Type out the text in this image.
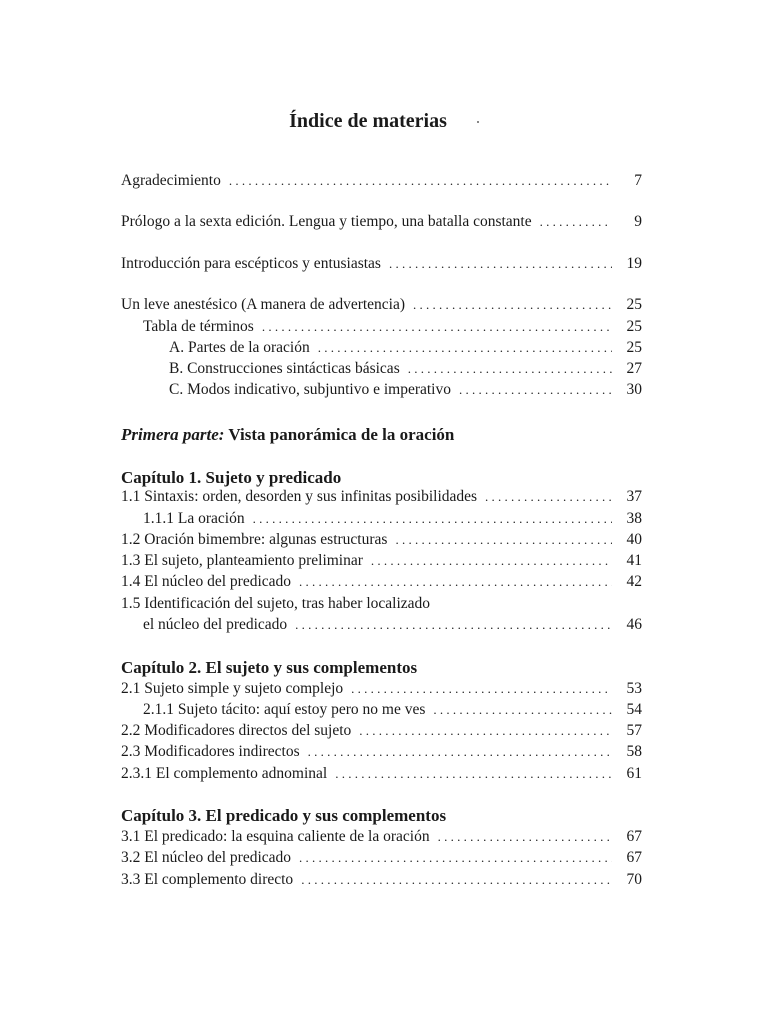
Índice de materias
Agradecimiento . . .	7
Prólogo a la sexta edición. Lengua y tiempo, una batalla constante . . .	9
Introducción para escépticos y entusiastas . . .	19
Un leve anestésico (A manera de advertencia) . . .	25
Tabla de términos . . .	25
A. Partes de la oración . . .	25
B. Construcciones sintácticas básicas . . .	27
C. Modos indicativo, subjuntivo e imperativo . . .	30
Primera parte: Vista panorámica de la oración
Capítulo 1. Sujeto y predicado
1.1 Sintaxis: orden, desorden y sus infinitas posibilidades . . .	37
1.1.1 La oración . . .	38
1.2 Oración bimembre: algunas estructuras . . .	40
1.3 El sujeto, planteamiento preliminar . . .	41
1.4 El núcleo del predicado . . .	42
1.5 Identificación del sujeto, tras haber localizado
el núcleo del predicado . . .	46
Capítulo 2. El sujeto y sus complementos
2.1 Sujeto simple y sujeto complejo . . .	53
2.1.1 Sujeto tácito: aquí estoy pero no me ves . . .	54
2.2 Modificadores directos del sujeto . . .	57
2.3 Modificadores indirectos . . .	58
2.3.1 El complemento adnominal . . .	61
Capítulo 3. El predicado y sus complementos
3.1 El predicado: la esquina caliente de la oración . . .	67
3.2 El núcleo del predicado . . .	67
3.3 El complemento directo . . .	70
